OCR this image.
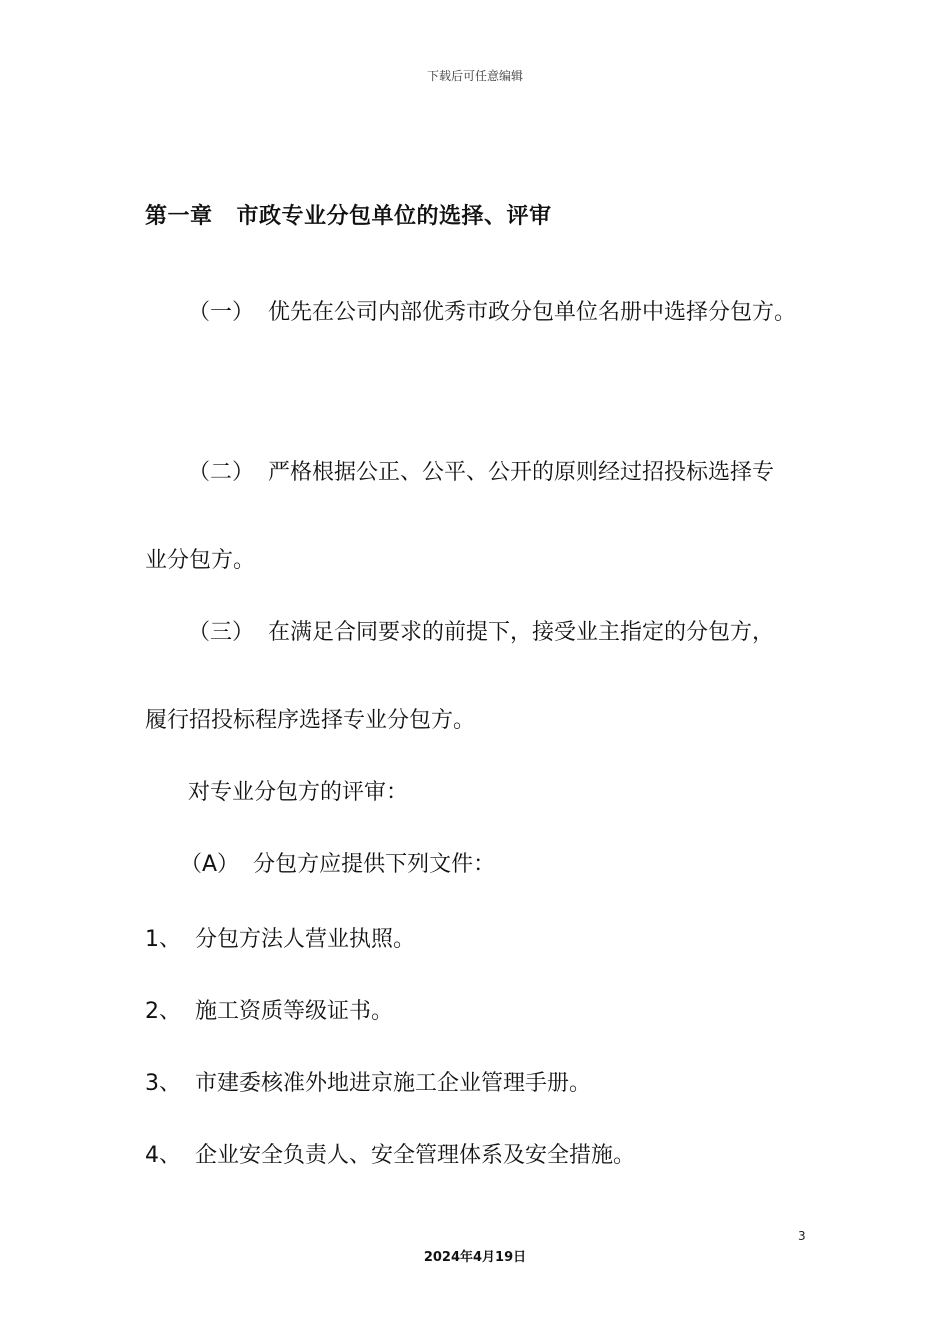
下载后可任意编辑
第一章 市政专业分包单位的选择、评审
（一） 优先在公司内部优秀市政分包单位名册中选择分包方。
（二） 严格根据公正、公平、公开的原则经过招投标选择专
业分包方。
（三） 在满足合同要求的前提下，接受业主指定的分包方，
履行招投标程序选择专业分包方。
对专业分包方的评审：
（A） 分包方应提供下列文件：
1、 分包方法人营业执照。
2、 施工资质等级证书。
3、 市建委核准外地进京施工企业管理手册。
4、 企业安全负责人、安全管理体系及安全措施。
3
2024年4月19日
